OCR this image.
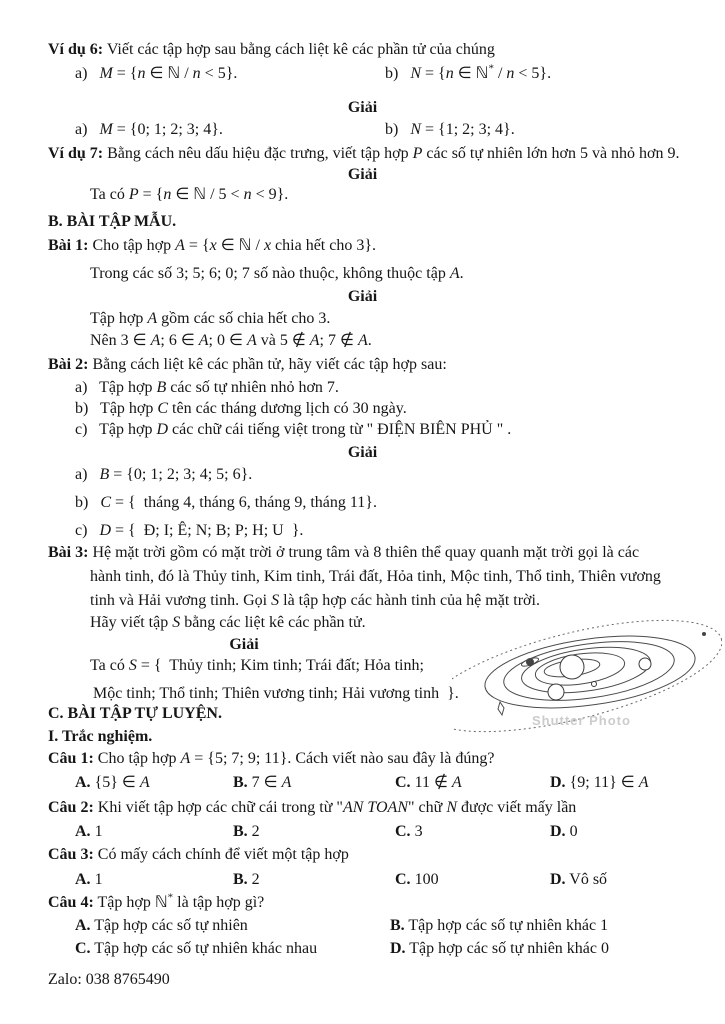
Ví dụ 6: Viết các tập hợp sau bằng cách liệt kê các phần tử của chúng
a)   M = {n ∈ ℕ / n < 5}.	b)   N = {n ∈ ℕ* / n < 5}.
Giải
a)   M = {0; 1; 2; 3; 4}.	b)   N = {1; 2; 3; 4}.
Ví dụ 7: Bằng cách nêu dấu hiệu đặc trưng, viết tập hợp P các số tự nhiên lớn hơn 5 và nhỏ hơn 9.
Giải
Ta có P = {n ∈ ℕ / 5 < n < 9}.
B. BÀI TẬP MẪU.
Bài 1: Cho tập hợp A = {x ∈ ℕ / x chia hết cho 3}.
Trong các số 3; 5; 6; 0; 7 số nào thuộc, không thuộc tập A.
Giải
Tập hợp A gồm các số chia hết cho 3.
Nên 3 ∈ A; 6 ∈ A; 0 ∈ A và 5 ∉ A; 7 ∉ A.
Bài 2: Bằng cách liệt kê các phần tử, hãy viết các tập hợp sau:
a)   Tập hợp B các số tự nhiên nhỏ hơn 7.
b)   Tập hợp C tên các tháng dương lịch có 30 ngày.
c)   Tập hợp D các chữ cái tiếng việt trong từ " ĐIỆN BIÊN PHỦ " .
Giải
a)   B = {0; 1; 2; 3; 4; 5; 6}.
b)   C = {  tháng 4, tháng 6, tháng 9, tháng 11}.
c)   D = {  Đ; I; Ê; N; B; P; H; U  }.
Bài 3: Hệ mặt trời gồm có mặt trời ở trung tâm và 8 thiên thể quay quanh mặt trời gọi là các
hành tinh, đó là Thủy tinh, Kim tinh, Trái đất, Hỏa tinh, Mộc tinh, Thổ tinh, Thiên vương
tinh và Hải vương tinh. Gọi S là tập hợp các hành tinh của hệ mặt trời.
Hãy viết tập S bằng các liệt kê các phần tử.
Giải
Ta có S = {  Thủy tinh; Kim tinh; Trái đất; Hỏa tinh;
Mộc tinh; Thổ tinh; Thiên vương tinh; Hải vương tinh  }.
Shutter Photo
C. BÀI TẬP TỰ LUYỆN.
I. Trắc nghiệm.
Câu 1: Cho tập hợp A = {5; 7; 9; 11}. Cách viết nào sau đây là đúng?
A. {5} ∈ A	B. 7 ∈ A	C. 11 ∉ A	D. {9; 11} ∈ A
Câu 2: Khi viết tập hợp các chữ cái trong từ "AN TOAN" chữ N được viết mấy lần
A. 1	B. 2	C. 3	D. 0
Câu 3: Có mấy cách chính để viết một tập hợp
A. 1	B. 2	C. 100	D. Vô số
Câu 4: Tập hợp ℕ* là tập hợp gì?
A. Tập hợp các số tự nhiên	B. Tập hợp các số tự nhiên khác 1
C. Tập hợp các số tự nhiên khác nhau	D. Tập hợp các số tự nhiên khác 0
Zalo: 038 8765490
